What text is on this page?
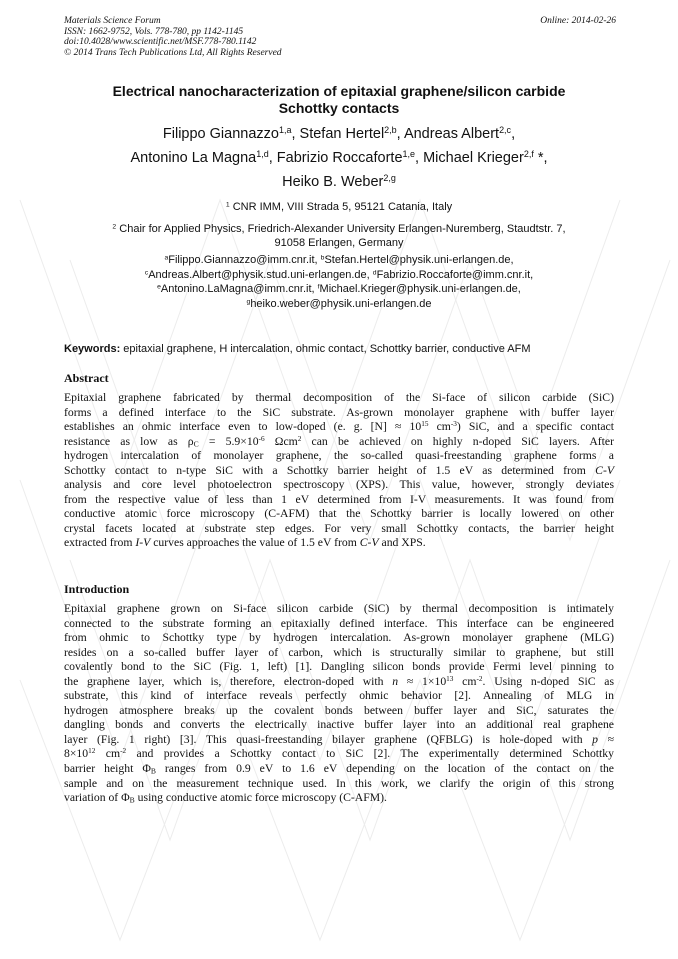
Materials Science Forum
ISSN: 1662-9752, Vols. 778-780, pp 1142-1145
doi:10.4028/www.scientific.net/MSF.778-780.1142
© 2014 Trans Tech Publications Ltd, All Rights Reserved
Online: 2014-02-26
Electrical nanocharacterization of epitaxial graphene/silicon carbide
Schottky contacts
Filippo Giannazzo$^{1,a}$, Stefan Hertel$^{2,b}$, Andreas Albert$^{2,c}$,
Antonino La Magna$^{1,d}$, Fabrizio Roccaforte$^{1,e}$, Michael Krieger$^{2,f}$ *,
Heiko B. Weber$^{2,g}$
$^1$ CNR IMM, VIII Strada 5, 95121 Catania, Italy
$^2$ Chair for Applied Physics, Friedrich-Alexander University Erlangen-Nuremberg, Staudtstr. 7,
91058 Erlangen, Germany
$^a$Filippo.Giannazzo@imm.cnr.it, $^b$Stefan.Hertel@physik.uni-erlangen.de,
$^c$Andreas.Albert@physik.stud.uni-erlangen.de, $^d$Fabrizio.Roccaforte@imm.cnr.it,
$^e$Antonino.LaMagna@imm.cnr.it, $^f$Michael.Krieger@physik.uni-erlangen.de,
$^g$heiko.weber@physik.uni-erlangen.de
Keywords: epitaxial graphene, H intercalation, ohmic contact, Schottky barrier, conductive AFM
Abstract
Epitaxial graphene fabricated by thermal decomposition of the Si-face of silicon carbide (SiC)
forms a defined interface to the SiC substrate. As-grown monolayer graphene with buffer layer
establishes an ohmic interface even to low-doped (e. g. $[N] \approx 10^{15}$ $cm^{-3}$) SiC, and a specific contact
resistance as low as $\rho_C = 5.9\times 10^{-6}$ Ωcm$^2$ can be achieved on highly n-doped SiC layers. After
hydrogen intercalation of monolayer graphene, the so-called quasi-freestanding graphene forms a
Schottky contact to n-type SiC with a Schottky barrier height of 1.5 eV as determined from C-V
analysis and core level photoelectron spectroscopy (XPS). This value, however, strongly deviates
from the respective value of less than 1 eV determined from I-V measurements. It was found from
conductive atomic force microscopy (C-AFM) that the Schottky barrier is locally lowered on other
crystal facets located at substrate step edges. For very small Schottky contacts, the barrier height
extracted from I-V curves approaches the value of 1.5 eV from C-V and XPS.
Introduction
Epitaxial graphene grown on Si-face silicon carbide (SiC) by thermal decomposition is intimately
connected to the substrate forming an epitaxially defined interface. This interface can be engineered
from ohmic to Schottky type by hydrogen intercalation. As-grown monolayer graphene (MLG)
resides on a so-called buffer layer of carbon, which is structurally similar to graphene, but still
covalently bond to the SiC (Fig. 1, left) [1]. Dangling silicon bonds provide Fermi level pinning to
the graphene layer, which is, therefore, electron-doped with $n \approx 1\times 10^{13}$ $cm^{-2}$. Using n-doped SiC as
substrate, this kind of interface reveals perfectly ohmic behavior [2]. Annealing of MLG in
hydrogen atmosphere breaks up the covalent bonds between buffer layer and SiC, saturates the
dangling bonds and converts the electrically inactive buffer layer into an additional real graphene
layer (Fig. 1 right) [3]. This quasi-freestanding bilayer graphene (QFBLG) is hole-doped with p ≈
$8\times 10^{12}$ $cm^{-2}$ and provides a Schottky contact to SiC [2]. The experimentally determined Schottky
barrier height $\Phi_B$ ranges from 0.9 eV to 1.6 eV depending on the location of the contact on the
sample and on the measurement technique used. In this work, we clarify the origin of this strong
variation of $\Phi_B$ using conductive atomic force microscopy (C-AFM).
